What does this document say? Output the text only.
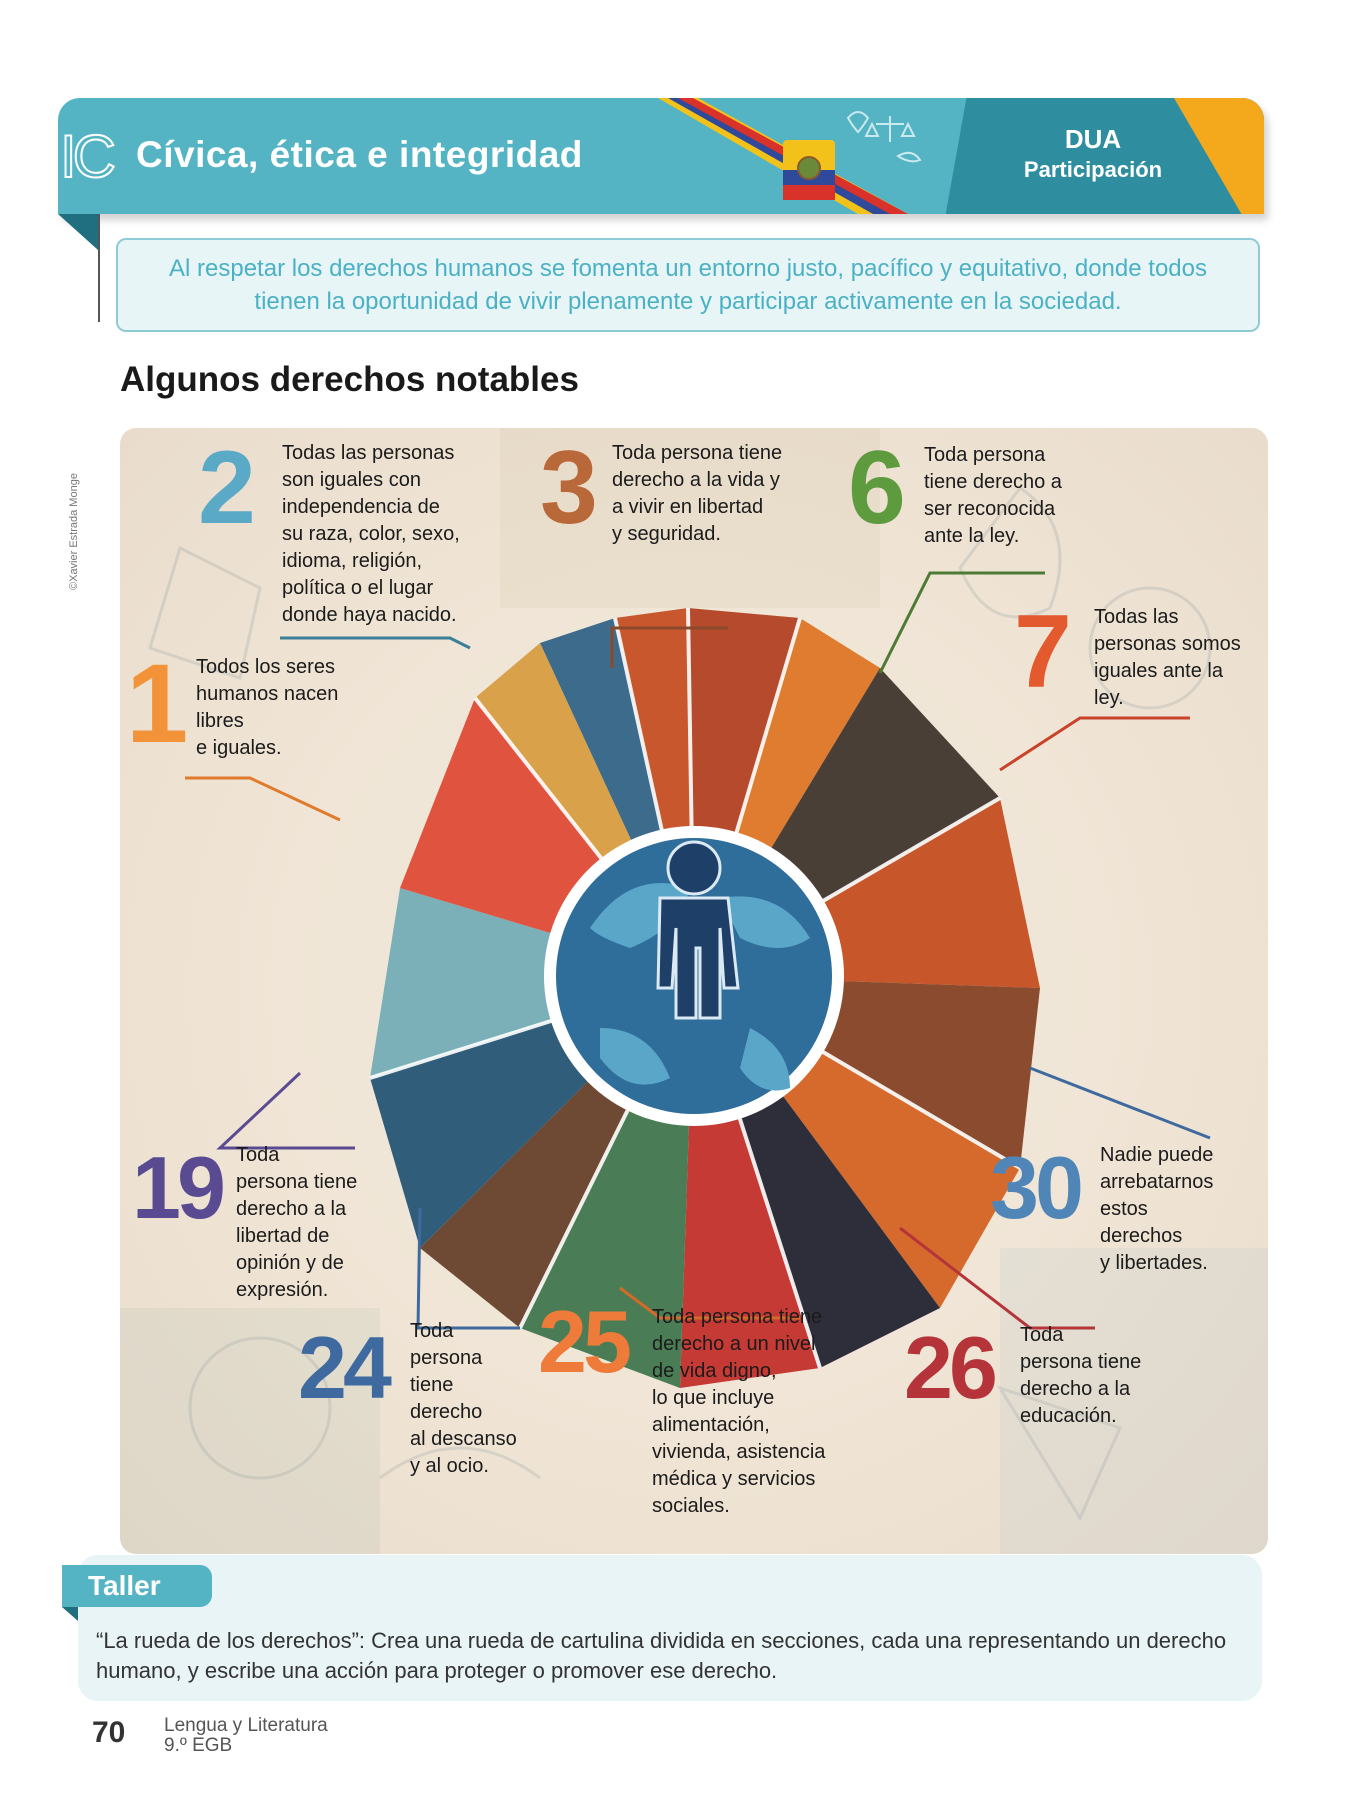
IC Cívica, ética e integridad	DUA
Participación
Al respetar los derechos humanos se fomenta un entorno justo, pacífico y equitativo, donde todos tienen la oportunidad de vivir plenamente y participar activamente en la sociedad.
Algunos derechos notables
©Xavier Estrada Monge 2 Todas las personas
son iguales con
independencia de
su raza, color, sexo,
idioma, religión,
política o el lugar
donde haya nacido.
3 Toda persona tiene
derecho a la vida y
a vivir en libertad
y seguridad.	6 Toda persona
tiene derecho a
ser reconocida
ante la ley.
7 Todas las
personas somos
iguales ante la
ley.
1 Todos los seres
humanos nacen
libres
e iguales.
19 Toda
persona tiene
derecho a la
libertad de
opinión y de
expresión.
30 Nadie puede
arrebatarnos
estos
derechos
y libertades.
24 Toda
persona
tiene
derecho
al descanso
y al ocio.
25 Toda persona tiene
derecho a un nivel
de vida digno,
lo que incluye
alimentación,
vivienda, asistencia
médica y servicios
sociales.
26 Toda
persona tiene
derecho a la
educación.
Taller
“La rueda de los derechos”: Crea una rueda de cartulina dividida en secciones, cada una representando un derecho humano, y escribe una acción para proteger o promover ese derecho.
70 Lengua y Literatura
9.º EGB
